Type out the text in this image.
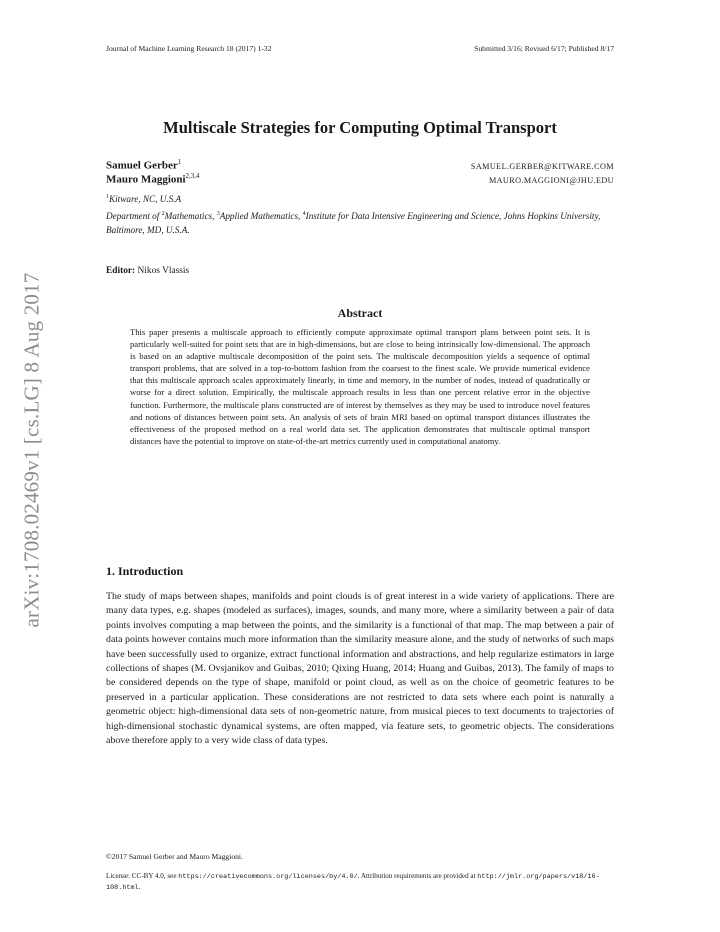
Journal of Machine Learning Research 18 (2017) 1-32	Submitted 3/16; Revised 6/17; Published 8/17
arXiv:1708.02469v1 [cs.LG] 8 Aug 2017
Multiscale Strategies for Computing Optimal Transport
Samuel Gerber$^1$	SAMUEL.GERBER@KITWARE.COM
Mauro Maggioni$^{2,3,4}$	MAURO.MAGGIONI@JHU.EDU
$^1$Kitware, NC, U.S.A
Department of $^2$Mathematics, $^3$Applied Mathematics, $^4$Institute for Data Intensive Engineering and Science, Johns Hopkins University, Baltimore, MD, U.S.A.
Editor: Nikos Vlassis
Abstract
This paper presents a multiscale approach to efficiently compute approximate optimal transport plans between point sets. It is particularly well-suited for point sets that are in high-dimensions, but are close to being intrinsically low-dimensional. The approach is based on an adaptive multiscale decomposition of the point sets. The multiscale decomposition yields a sequence of optimal transport problems, that are solved in a top-to-bottom fashion from the coarsest to the finest scale. We provide numerical evidence that this multiscale approach scales approximately linearly, in time and memory, in the number of nodes, instead of quadratically or worse for a direct solution. Empirically, the multiscale approach results in less than one percent relative error in the objective function. Furthermore, the multiscale plans constructed are of interest by themselves as they may be used to introduce novel features and notions of distances between point sets. An analysis of sets of brain MRI based on optimal transport distances illustrates the effectiveness of the proposed method on a real world data set. The application demonstrates that multiscale optimal transport distances have the potential to improve on state-of-the-art metrics currently used in computational anatomy.
1. Introduction
The study of maps between shapes, manifolds and point clouds is of great interest in a wide variety of applications. There are many data types, e.g. shapes (modeled as surfaces), images, sounds, and many more, where a similarity between a pair of data points involves computing a map between the points, and the similarity is a functional of that map. The map between a pair of data points however contains much more information than the similarity measure alone, and the study of networks of such maps have been successfully used to organize, extract functional information and abstractions, and help regularize estimators in large collections of shapes (M. Ovsjanikov and Guibas, 2010; Qixing Huang, 2014; Huang and Guibas, 2013). The family of maps to be considered depends on the type of shape, manifold or point cloud, as well as on the choice of geometric features to be preserved in a particular application. These considerations are not restricted to data sets where each point is naturally a geometric object: high-dimensional data sets of non-geometric nature, from musical pieces to text documents to trajectories of high-dimensional stochastic dynamical systems, are often mapped, via feature sets, to geometric objects. The considerations above therefore apply to a very wide class of data types.
©2017 Samuel Gerber and Mauro Maggioni.
License: CC-BY 4.0, see https://creativecommons.org/licenses/by/4.0/. Attribution requirements are provided at http://jmlr.org/papers/v18/16-108.html.
